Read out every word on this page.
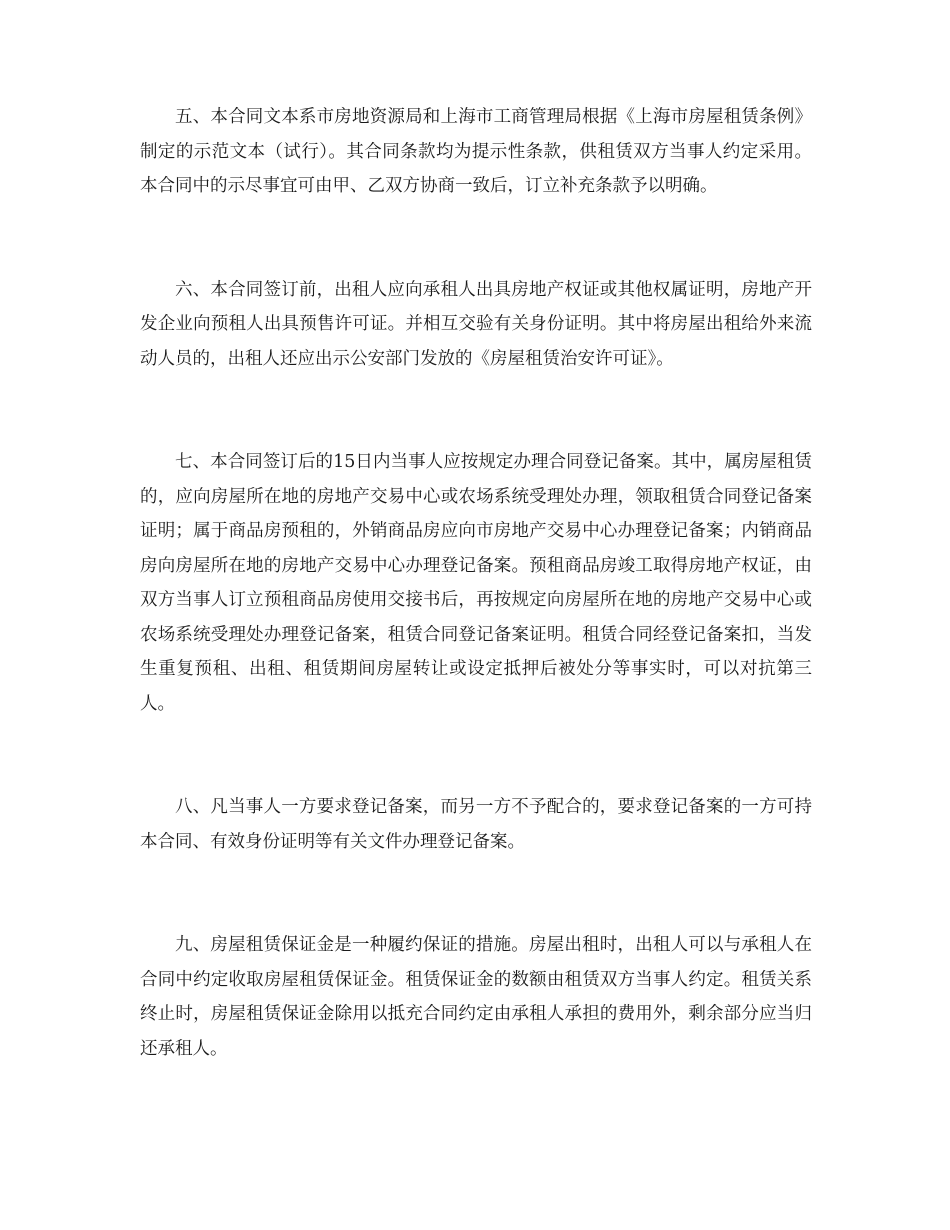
五、本合同文本系市房地资源局和上海市工商管理局根据《上海市房屋租赁条例》制定的示范文本（试行）。其合同条款均为提示性条款，供租赁双方当事人约定采用。本合同中的示尽事宜可由甲、乙双方协商一致后，订立补充条款予以明确。

六、本合同签订前，出租人应向承租人出具房地产权证或其他权属证明，房地产开发企业向预租人出具预售许可证。并相互交验有关身份证明。其中将房屋出租给外来流动人员的，出租人还应出示公安部门发放的《房屋租赁治安许可证》。

七、本合同签订后的15日内当事人应按规定办理合同登记备案。其中，属房屋租赁的，应向房屋所在地的房地产交易中心或农场系统受理处办理，领取租赁合同登记备案证明；属于商品房预租的，外销商品房应向市房地产交易中心办理登记备案；内销商品房向房屋所在地的房地产交易中心办理登记备案。预租商品房竣工取得房地产权证，由双方当事人订立预租商品房使用交接书后，再按规定向房屋所在地的房地产交易中心或农场系统受理处办理登记备案，租赁合同登记备案证明。租赁合同经登记备案扣，当发生重复预租、出租、租赁期间房屋转让或设定抵押后被处分等事实时，可以对抗第三人。

八、凡当事人一方要求登记备案，而另一方不予配合的，要求登记备案的一方可持本合同、有效身份证明等有关文件办理登记备案。

九、房屋租赁保证金是一种履约保证的措施。房屋出租时，出租人可以与承租人在合同中约定收取房屋租赁保证金。租赁保证金的数额由租赁双方当事人约定。租赁关系终止时，房屋租赁保证金除用以抵充合同约定由承租人承担的费用外，剩余部分应当归还承租人。
